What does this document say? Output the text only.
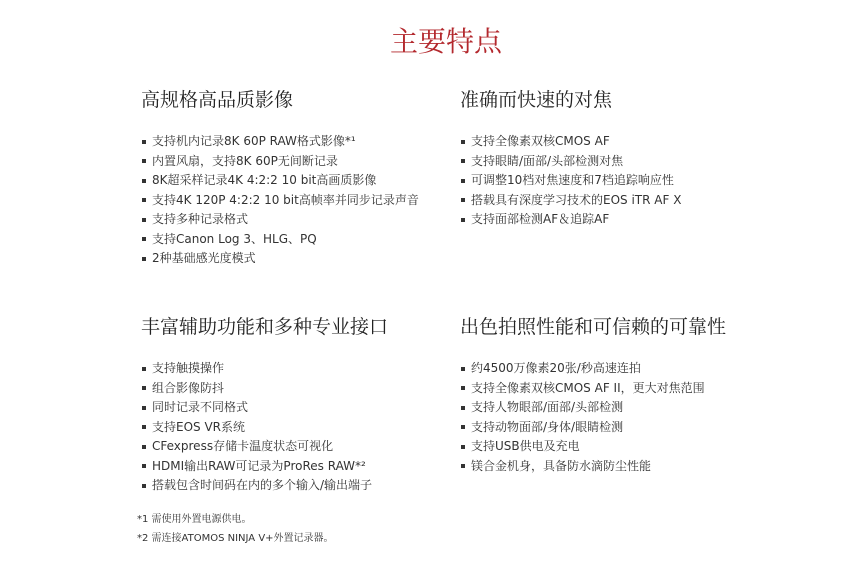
主要特点
高规格高品质影像
支持机内记录8K 60P RAW格式影像*¹
内置风扇，支持8K 60P无间断记录
8K超采样记录4K 4:2:2 10 bit高画质影像
支持4K 120P 4:2:2 10 bit高帧率并同步记录声音
支持多种记录格式
支持Canon Log 3、HLG、PQ
2种基础感光度模式
准确而快速的对焦
支持全像素双核CMOS AF
支持眼睛/面部/头部检测对焦
可调整10档对焦速度和7档追踪响应性
搭载具有深度学习技术的EOS iTR AF X
支持面部检测AF＆追踪AF
丰富辅助功能和多种专业接口
支持触摸操作
组合影像防抖
同时记录不同格式
支持EOS VR系统
CFexpress存储卡温度状态可视化
HDMI输出RAW可记录为ProRes RAW*²
搭载包含时间码在内的多个输入/输出端子
出色拍照性能和可信赖的可靠性
约4500万像素20张/秒高速连拍
支持全像素双核CMOS AF II，更大对焦范围
支持人物眼部/面部/头部检测
支持动物面部/身体/眼睛检测
支持USB供电及充电
镁合金机身，具备防水滴防尘性能
*1 需使用外置电源供电。
*2 需连接ATOMOS NINJA V+外置记录器。
